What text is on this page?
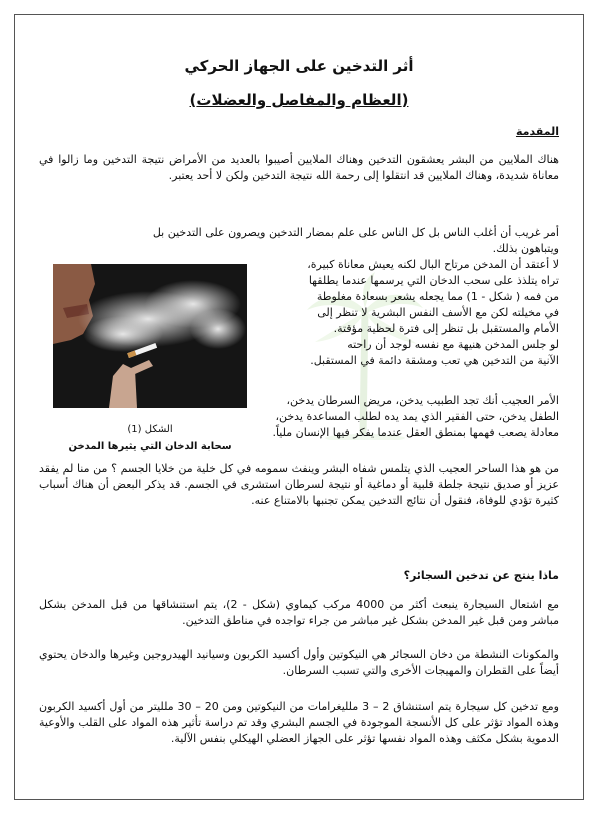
أثر التدخين على الجهاز الحركي
(العظام والمفاصل والعضلات)
المقدمة
هناك الملايين من البشر يعشقون التدخين وهناك الملايين أصيبوا بالعديد من الأمراض نتيجة التدخين وما زالوا في معاناة شديدة، وهناك الملايين قد انتقلوا إلى رحمة الله نتيجة التدخين ولكن لا أحد يعتبر.
أمر غريب أن أغلب الناس بل كل الناس على علم بمضار التدخين ويصرون على التدخين بل
ويتباهون بذلك.
لا أعتقد أن المدخن مرتاح البال لكنه يعيش معاناة كبيرة،
تراه يتلذذ على سحب الدخان التي يرسمها عندما يطلقها
من فمه ( شكل - 1) مما يجعله يشعر بسعادة مغلوطة
في مخيلته لكن مع الأسف النفس البشرية لا تنظر إلى
الأمام والمستقبل بل تنظر إلى فترة لحظية مؤقتة.
لو جلس المدخن هنيهة مع نفسه لوجد أن راحته
الآنية من التدخين هي تعب ومشقة دائمة في المستقبل.
الأمر العجيب أنك تجد الطبيب يدخن، مريض السرطان يدخن،
الطفل يدخن، حتى الفقير الذي يمد يده لطلب المساعدة يدخن،
معادلة يصعب فهمها بمنطق العقل عندما يفكر فيها الإنسان ملياً.
الشكل (1)
سحابة الدخان التي يثيرها المدخن
من هو هذا الساحر العجيب الذي يتلمس شفاه البشر وينفث سمومه في كل خلية من خلايا الجسم ؟ من منا لم يفقد عزيز أو صديق نتيجة جلطة قلبية أو دماغية أو نتيجة لسرطان استشرى في الجسم. قد يذكر البعض أن هناك أسباب كثيرة تؤدي للوفاة، فنقول أن نتائج التدخين يمكن تجنبها بالامتناع عنه.
ماذا ينتج عن تدخين السجائر؟
مع اشتعال السيجارة ينبعث أكثر من 4000 مركب كيماوي (شكل - 2)، يتم استنشاقها من قبل المدخن بشكل مباشر ومن قبل غير المدخن بشكل غير مباشر من جراء تواجده في مناطق التدخين.
والمكونات النشطة من دخان السجائر هي النيكوتين وأول أكسيد الكربون وسيانيد الهيدروجين وغيرها والدخان يحتوي أيضاً على القطران والمهيجات الأخرى والتي تسبب السرطان.
ومع تدخين كل سيجارة يتم استنشاق 2 – 3 ملليغرامات من النيكوتين ومن 20 – 30 ملليتر من أول أكسيد الكربون وهذه المواد تؤثر على كل الأنسجة الموجودة في الجسم البشري وقد تم دراسة تأثير هذه المواد على القلب والأوعية الدموية بشكل مكثف وهذه المواد نفسها تؤثر على الجهاز العضلي الهيكلي بنفس الآلية.
